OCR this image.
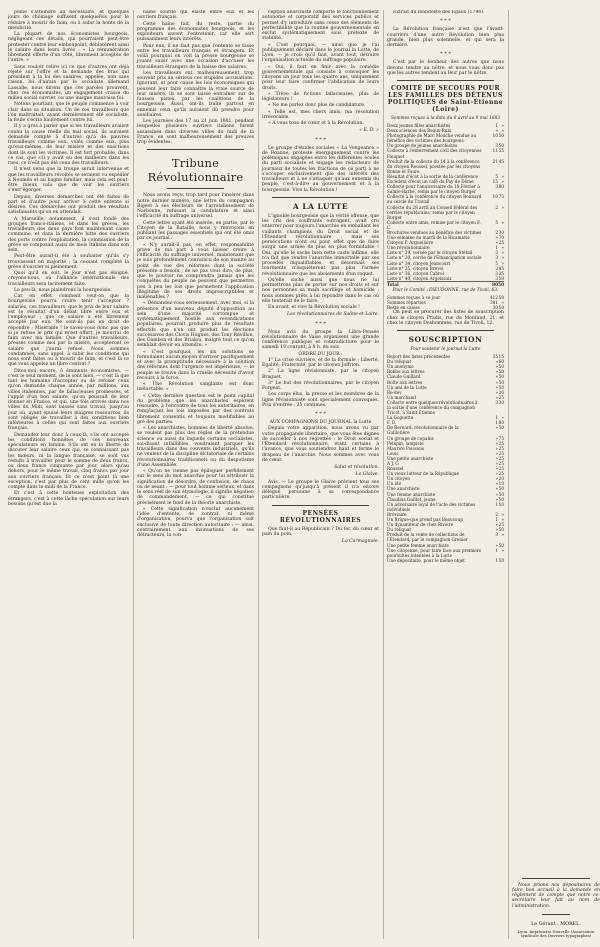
peine s'atteindre au nécessaire, et quelques jours de chômage suffisent quelquefois pour le réduire à mourir de faim, ou à subir la honte de la mendicité.

La plupart de nos économistes bourgeois, négligeant ces détails, qui pourraient peut-être protester contre leur embonpoint, déblatèrent ainsi le salaire dans leurs livres : « La rémunération librement offerte d'un côté, librement acceptée de l'autre. »

Sans vouloir relire ici ce que d'autres ont déjà rejeté sur l'offre et la demande des bras qui président à la loi des salaires, appelée, non sans raison, loi d'airain par le socialiste allemand Lassalle, nous dirons que ces paroles prouvent, chez ces économistes, un engagement crasse du milieu social ouvrier, ou une insigne mauvaise foi.

Notons pourtant, que le peuple commence à voir clair dans sa situation. Un de ces travailleurs que l'on maltraitait, ayant dernièrement été socialiste, la foule s'écria hautement contre lui.

Il y a gros à parier que si les travailleurs avaient connu la cause réelle du mal social, ils auraient demandé compte à d'autres qu'à de pauvres travailleurs comme eux, volés comme eux, plus qu'eux-mêmes, de leur misère et des exactions dont ils sont les victimes. Il est fort probable, dans ce cas, que s'il y avait eu des malheurs dans les rues, ce n'eût pas été ceux des travailleurs.

Il n'est venu que la troupe serait intervenue et que les travailleurs révoltés se seraient vu expédier à Nouméa et au bagne familier, mais cela est peut-être mieux valu que de voir les ouvriers s'entr'égorger.

Depuis, diverses démarches ont été faites de part et d'autre pour arriver à cette entente si désirée. Ces démarches ont produit des résultats satisfaisants qu'on en attendait.

A Marseille, notamment, il s'est fondé des groupes franco-italiens, et dans les grèves, les travailleurs des deux pays font maintenant cause commune, et dans la dernière lutte des ouvriers des ports contre l'exploitation, la commission de la grève se composait aussi de mois Italiens dans son sein.

Peut-être aurait-il été à souhaiter qu'ils s'y trouvassent en majorité ; la cessant complété la grève d'ouvrier si pleinement.

Quoi qu'il en soit, le jour n'est pas éloigné, croyons-nous, où l'alliance internationale des travailleurs sera tacitement faite.

Le peu-là, nous plaindrons la bourgeoisie.

Car, en effet, comment veut-on que la bourgeoisie pourra croire tenir l'accepter ? salariés, ces travailleurs, que le prix de leur salaire est le résultat d'un débat libre entre eux et l'employeur ; que ce salaire a été librement accepté par eux. Ne sont-ils pas en droit de répondre : Misérable ! le savez-vous donc pas que si je refuse le prix qui m'est offert, je mourrai de faim avec ma famille. Que d'autres travailleurs, pressés comme moi par la misère, accepteront ce salaire que j'aurai refusé. Nous sommes condamnés, sans appel, à subir les conditions qui nous sont faites ou à mourir de faim, et c'est là ce que vous appelez un libre contrat ?

Dites-moi encore, ô éminents économistes, — c'est le seul moment, de le sont bien, — c'est là que tant les humains d'accepter ou de refuser ceux qu'on demande chaque année, par millions, aux villes italiennes, par de fallacieuses promesses, et l'appât d'un bon salaire, qu'on poussait de leur donner en France, et qui, une fois arrivés dans nos villes du Midi, sont laissés sans travail, jusqu'au jour où, ayant épuisé leurs maigres ressources, ils sont obligés de travailler à des conditions bien inférieures à celles qui sont faites aux ouvriers français.

Demandez leur donc à ceux-là, s'ils ont accepté les conditions honnêtes de ces nouveaux spéculateurs en famine. S'ils ont eu la liberté de discuter leur salaire ceux qui, se connaissant pas les mœurs, ni la langue française, se sont vus réduits à travailler pour le somme de deux francs, ou deux francs cinquante par jour, alors qu'au dehors, pour le même travail, cinq francs par jour aux ouvriers français. Et ce n'est point là une exception, c'est par plus de cent mille qu'on les compte dans le midi de la France.

Et c'est à cette honteuse exploitation des étrangers, c'est à cette lâche spéculation sur leurs besoins qu'est due la

haine sourde qui existe entre eux et les ouvriers français.

Cette haine fait, du reste, partie du programme des économistes bourgeois, et les exploiteurs savent l'entretenir, car elle sert puissamment leurs intérêts.

Pour eux, il ne faut pas que l'entente se fasse entre les travailleurs français et étrangers. Et voilà pourquoi on voit la presse bourgeoise se jouant saisir avec une occasion d'accuser les travailleurs étrangers de la baisse des salaires.

Les travailleurs ont, malheureusement, trop souvent pris au sérieux ces stupides accusations. Ignorant, et pour cause les lois économiques qui peuvent leur faire connaître la vraie source de leur misère, ils se sont laissé entraîner sur de fausses pistes, par les coalitions de la bourgeoisie. Aussi, ont-ils traîté partout en ennemis ceux qu'ils auraient dû prendre pour auxiliaires.

Les journées des 17 au 21 juin 1881, pendant lesquelles plusieurs ouvriers italiens furent assassinés dans diverses villes du midi de la France, en sont malheureusement des preuves trop évidentes.

Tribune Révolutionnaire

Nous avons reçu, trop tard pour l'insérer dans notre dernier numéro, une lettre du compagnon Bigeot à ses électeurs de l'arrondissement de Narbonne, refusant la candidature et ainsi l'efficacité du suffrage universel.

Cette lettre ayant été insérée, en partie, par le Citoyen de la Bataille, nous y renvoyons en publiant les passages essentiels qui ont été omis par ce journal :

« N'y aurait-il pas, en effet, responsabilité grave de ma part à vous laisser croire à l'efficacité du suffrage universel, maintenant que je suis profondément convaincu de son inanité au point de vue des réformes dont la société présente a besoin ; de ne pas vous dire, de plus, que le pouvoir ne comprendra jamais que les conquêtes du peuple ne peuvent que permettre peu à peu les lois que permettent l'application illégitime de ses droits imprescriptibles et inaliénables ?

« Démandez-vous sérieusement, avec moi, si la présence d'un nouveau député d'opposition au sein d'une majorité corrompue et systématiquement hostile aux revendications populaires, pourrait produire plus de résultats effectifs que n'en ont produit les élections successives des Clovis Hugues, des Tony Révillon, des Gambon et des Brialou, malgré tout ce qu'on semblait devoir en attendre. »

« C'est pourquoi, les six solutions se formulaient aucun moyen d'arriver pacifiquement et avec la promptitude nécessaire à la solution des réformes dont l'urgence est impérieuse, — le peuple se trouve dans la cruelle nécessité d'avoir recours à la force.

« Une Révolution sanglante est donc inéluctable. »

« Cette dernière question est le point capital du problème que les anarchistes espèrent résoudre, à l'encontre de tous les autoritaires, en remplaçant les lois imposées par des contrats librement consentis et toujours modifiables au gré des parties.

« Les anarchistes, hommes de liberté absolue, se veulent pas plus des règles de la prétendue science ou aussi du laquelle certains socialistes, soi-disant infaillibles, voudraient parquer les travailleurs dans des couvents industriels, qu'ils ne veulent de la discipline dictatoriale de certains révolutionnaires traditionnels ou du despotisme d'une Assemblée.

« Qu'on ne vienne pas épiloguer perfidement sur le sens du mot anarchie pour lui attribuer la signification de désordre, de confusion, de chaos ou de néant : — pour tout homme sérieux, et dans le sens réel de son étymologie, il signifie négation de commandement, — ce qui constitue précisément le fond de la théorie anarchiste.

« Cette signification n'exclut aucunement l'idée d'entente, de contrat, ni même d'organisation, pourvu que l'organisation soit exclusive de toute direction autoritaire : — ainsi, contrairement aux insinuations de ses détracteurs, la con-

ception anarchiste comporte le fonctionnement autonome et corporatif des services publics et permet d'y introduire sans cesse des éléments de perfectibilité que la routine gouvernementale en exclut systématiquement sous prétexte de stabilité.

« C'est pourquoi, — ainsi que je l'ai publiquement déclaré dans le journal la Lutte, de Lyon, — je crois qu'il faut, avant tout, détruire l'organisation actuelle du suffrage populaire.

« Oui, il faut en finir avec la comédie gouvernementale qui consiste à convoquer les citoyens un jour tous les quatre ans, uniquement pour leur faire confirmer l'abdication de leurs droits.

« Trêve de fictions fallacieuses, plus de législateurs !

« Ne me parlez donc plus de candidature.

« Telle est, mes chers amis, ma résolution irrévocable.

« A vous tous de cœur et à la Révolution.

« E. D. »
* * *

Le groupe d'études sociales « La Vengeance » de Roanne, proteste énergiquement contre les polémiques engagées entre les différentes écoles du parti socialiste et engage les rédacteurs de journaux de toutes les fractions de ce parti à ne s'occuper exclusivement que des intérêts des travailleurs et à ne s'attaquer qu'aux ennemis du peuple, c'est-à-dire au gouvernement et à la bourgeoisie. Vive la Révolution !

A LA LUTTE

L'ignoble bourgeoisie que la vérité offense, que les cris des souffrants outragent, avait cru enterrer pour toujours l'anarchie en emballant les vaillants champions du Droit social et de l'Étendard révolutionnaire ; mais ses persécutions n'ont eu pour effet que de faire surgir une armée de plus en plus formidable ! Oui, qu'elle le sache bien cette caste infâme, elle n'a fait que rendre l'anarchie immortelle par ses procédés inqualifiables, et désormais ses tourments n'inquièteront pas plus l'armée révolutionnaire que les aboiements d'un roquet.

Qu'elle sache aussi que nous ne lui permettrons plus de porter sur nos droits et sur nos personnes sa main sacrilège et homicide ; nous sommes prêts à lui répondre dans le cas où elle tenterait de le faire.

En avant, et vive la Révolution sociale !

Les révolutionnaires de Saône-et-Loire.
* * *

Nous avis du groupe la Libre-Pensée révolutionnaire de Vaise organisent une grande conférence publique et contradictoire pour le samedi 19 courant, à 8 h. du soir.

ORDRE DU JOUR :

1° La crise ouvrière, et de la formule : Liberté, Égalité, Fraternité, par le citoyen Joffrion.

2° La ligne révisionniste, par le citoyen Braguet.

3° Le but des révolutionnaires, par le citoyen Forgeat.

Les corps élus, la presse et les membres de la ligne révisionniste sont spécialement convoqués. Prix d'entrée : 25 centimes.

* * *

AUX COMPAGNONS DU JOURNAL la Lutte

Depuis votre apparition, nous avons vu par votre propagande libertaire, que vous êtes dignes de succéder à nos regrettés : le Droit social et l'Étendard révolutionnaire, étant certains à l'avance, que vous soutiendrez haut et ferme le drapeau de l'anarchie. Nous sommes avec vous de cœur.

Salut et révolution.
Le Glaive.

Avis. — Le groupe le Glaive prévient tous ses compagnons qu'jusqu'à présent il n'a encore délégué personne à sa correspondance particulière.

PENSÉES RÉVOLUTIONNAIRES

Que faut-il au Républicain ? Du fer, du cœur et pain du poin.

La Carmagnole.

Extrait du manifeste des Égaux (1796).

* * *

La Révolution française n'est que l'avant-courriers d'une autre Révolution bien plus grande, bien plus solennelle, et qui sera la dernière.

* * *

C'est par le bonheur des autres que nous devons tendre au nôtre, et nous vous donc pas que les autres tendent au leur par le nôtre.

COMITÉ DE SECOURS POUR LES FAMILLES DES DÉTENUS POLITIQUES de Saint-Étienne (Loire)
Sommes reçues à la date du 6 avril au 9 mai 1883
Deux jeunes filles anarchistes	1	»
Deux sciences des Beaux-Ruix	»	»
Photographie de Marc Mouche vendue au bénéfice des victimes des bourgeois	10	50
Un groupe de jeunes anarchistes	3	50
Collecte à l'enterrement civil des citoyennes Fauquet	11	55
Produit de la collecte du 14 à la conférence du citoyen Roussel, prestée par les citoyens Bonne et Faure	21	45
Résultat d'écot à la sortie de la conférence	5	»
Excédent d'écot un café du Pay de Dôme	15	»
Collecte pour l'anniversaire du 18 Février à Sainte-Barbe, remis par le citoyen Burger	3	80
Collecte à la conférence du citoyen Bonnard au cercle du Travail	10	75
Collecte du 28 avril au Conseil fédéral des cercles républicains, remis par le citoyen Burger	2	»
Collecte entre amis, remise par le citoyen F. C.	5	»
Brochures vendues au bénéfice des victimes	2	30
Une semaine du mardi de la Ricamarie	»	70
Citoyen P. Argueilaire	»	25
Une révolutionnaire	1	»
Liste n° 29, versée par le citoyen Stétail	3	»
Liste n° 30, cercle de l'Émancipation sociale	3	»
Liste n° 34, citoyen Jeancourt	5	»
Liste n° 35, citoyen Brevol	2	85
Liste n° 36, citoyen Cabrol	3	25
Liste n° 40, citoyen Argeissaix	3	50
Total	80	50
Pour le Comité : DIEUDONNÉ, rue de Tivoli, 63.
Sommes reçues à ce jour	412	50
Sommes réparties	381	»
Reste en caisse	30	50

On peut se procurer des listes de souscription chez le citoyen Pradis, rue de Montaud, 21, et chez le citoyen Deshommes, rue de Tivoli, 12.

SOUSCRIPTION
Pour soutenir le journal la Lutte
Report des listes précédentes	35	15
Du reliquat	»	60
Un anonyme	»	50
Bobbe aux lettres	»	50
Claude Guillard	»	50
Boîte aux lettres	»	50
Un ami de la Lutte	»	50
Re-dev	»	20
Un marchand	»	25
Collecte entre quelques révolutionnaires à la sortie d'une conférence du compagnon Tricot, à Saint-Etienne	3	30
La Goguette	1	»
F. D.	1	80
De Bernard, révolutionnaire de la Guillotière	»	50
Un groupe de copains	»	75
Pelupin, lampiste	»	25
Maurice Poissons	»	25
Louis	»	25
Une petite anarchiste	»	25
A J. G	»	25
Roussel	»	25
Un vieux lutteur de la République	»	25
Un citoyen	»	20
Un idé	»	10
Une anarchiste	»	50
Une femme anarchiste	»	50
Claudius Guillot, jeune	»	50
Un adversaire loyal de l'acte des victimes individuels	1	50
Bréviaire	2	»
Un Brigue-que prend pas Beaucoup	1	»
Un dynamiteur de chez Rivoire	»	25
Du reliquat	»	50
Produit de la vente de collections de l'Étendard, par le compagnon Grenier	3	»
Une petite femme anarchiste	»	50
Une citoyenne, pour faire face aux premiers poursuites intentées à la Lutte	1	»
Une dépositaire, pour le même objet	1	50

Nous prions nos dépositaires de faire bon accueil à la demande en règlement de compte que notre co-secrétaire leur fait au nom de l'administration.

Le Gérant : MOREL.
Lyon. Imprimerie Nouvelle (Association syndicale des Ouvriers typographes)
